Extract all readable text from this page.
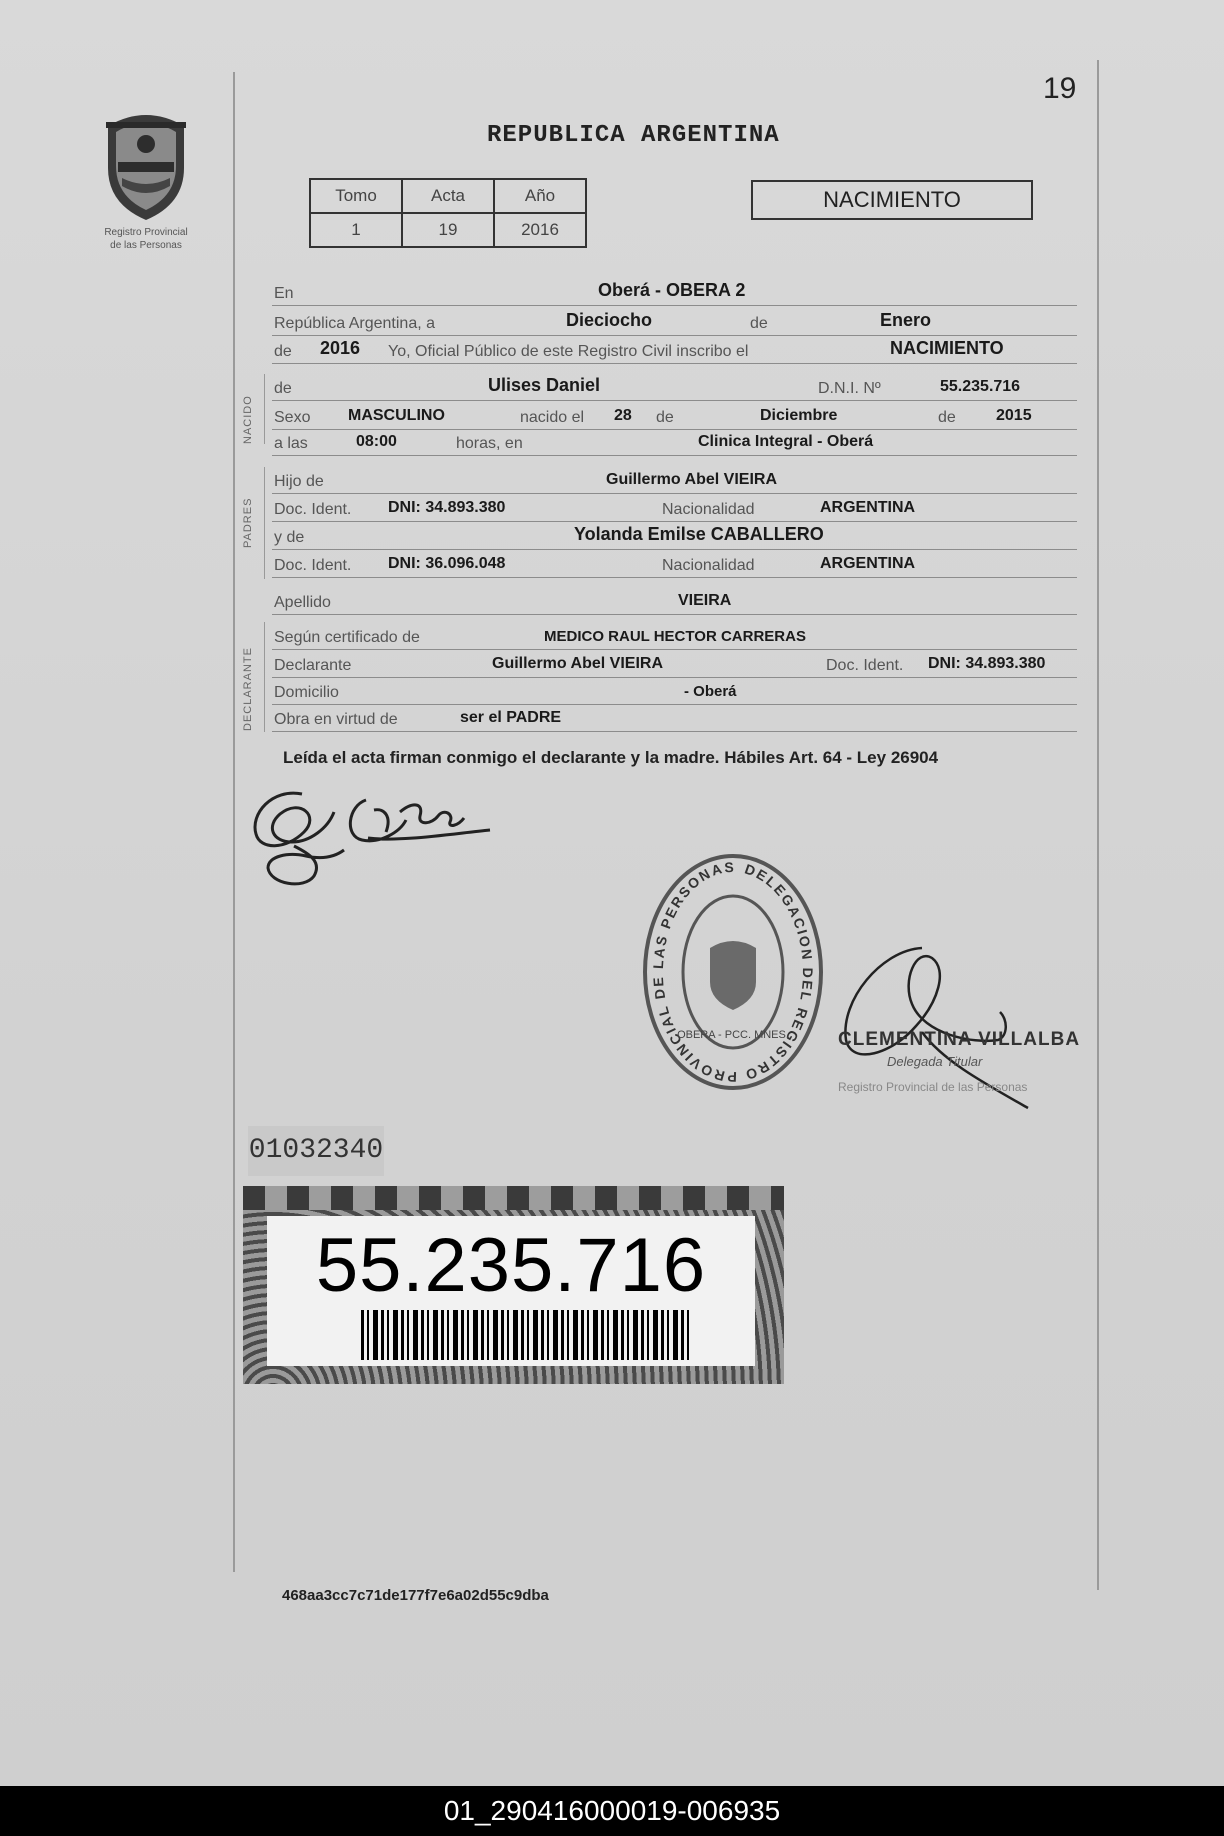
19
Registro Provincial
de las Personas
REPUBLICA ARGENTINA
Tomo	Acta	Año
1	19	2016
NACIMIENTO
NACIDO
PADRES
DECLARANTE
En	Oberá - OBERA 2
República Argentina, a	Dieciocho	de	Enero
de 2016 Yo, Oficial Público de este Registro Civil inscribo el	NACIMIENTO
de	Ulises Daniel	D.N.I. Nº	55.235.716
Sexo MASCULINO	nacido el 28 de	Diciembre	de	2015
a las	08:00	horas, en	Clinica Integral - Oberá
Hijo de	Guillermo Abel VIEIRA
Doc. Ident. DNI: 34.893.380	Nacionalidad	ARGENTINA
y de	Yolanda Emilse CABALLERO
Doc. Ident. DNI: 36.096.048	Nacionalidad	ARGENTINA
Apellido	VIEIRA
Según certificado de	MEDICO RAUL HECTOR CARRERAS
Declarante	Guillermo Abel VIEIRA	Doc. Ident. DNI: 34.893.380
Domicilio	- Oberá
Obra en virtud de	ser el PADRE
Leída el acta firman conmigo el declarante y la madre. Hábiles Art. 64 - Ley 26904
DELEGACION DEL REGISTRO PROVINCIAL DE LAS PERSONAS
OBERA - PCC. MNES.	CLEMENTINA VILLALBA
Delegada Titular
Registro Provincial de las Personas
01032340
55.235.716
468aa3cc7c71de177f7e6a02d55c9dba
01_290416000019-006935
